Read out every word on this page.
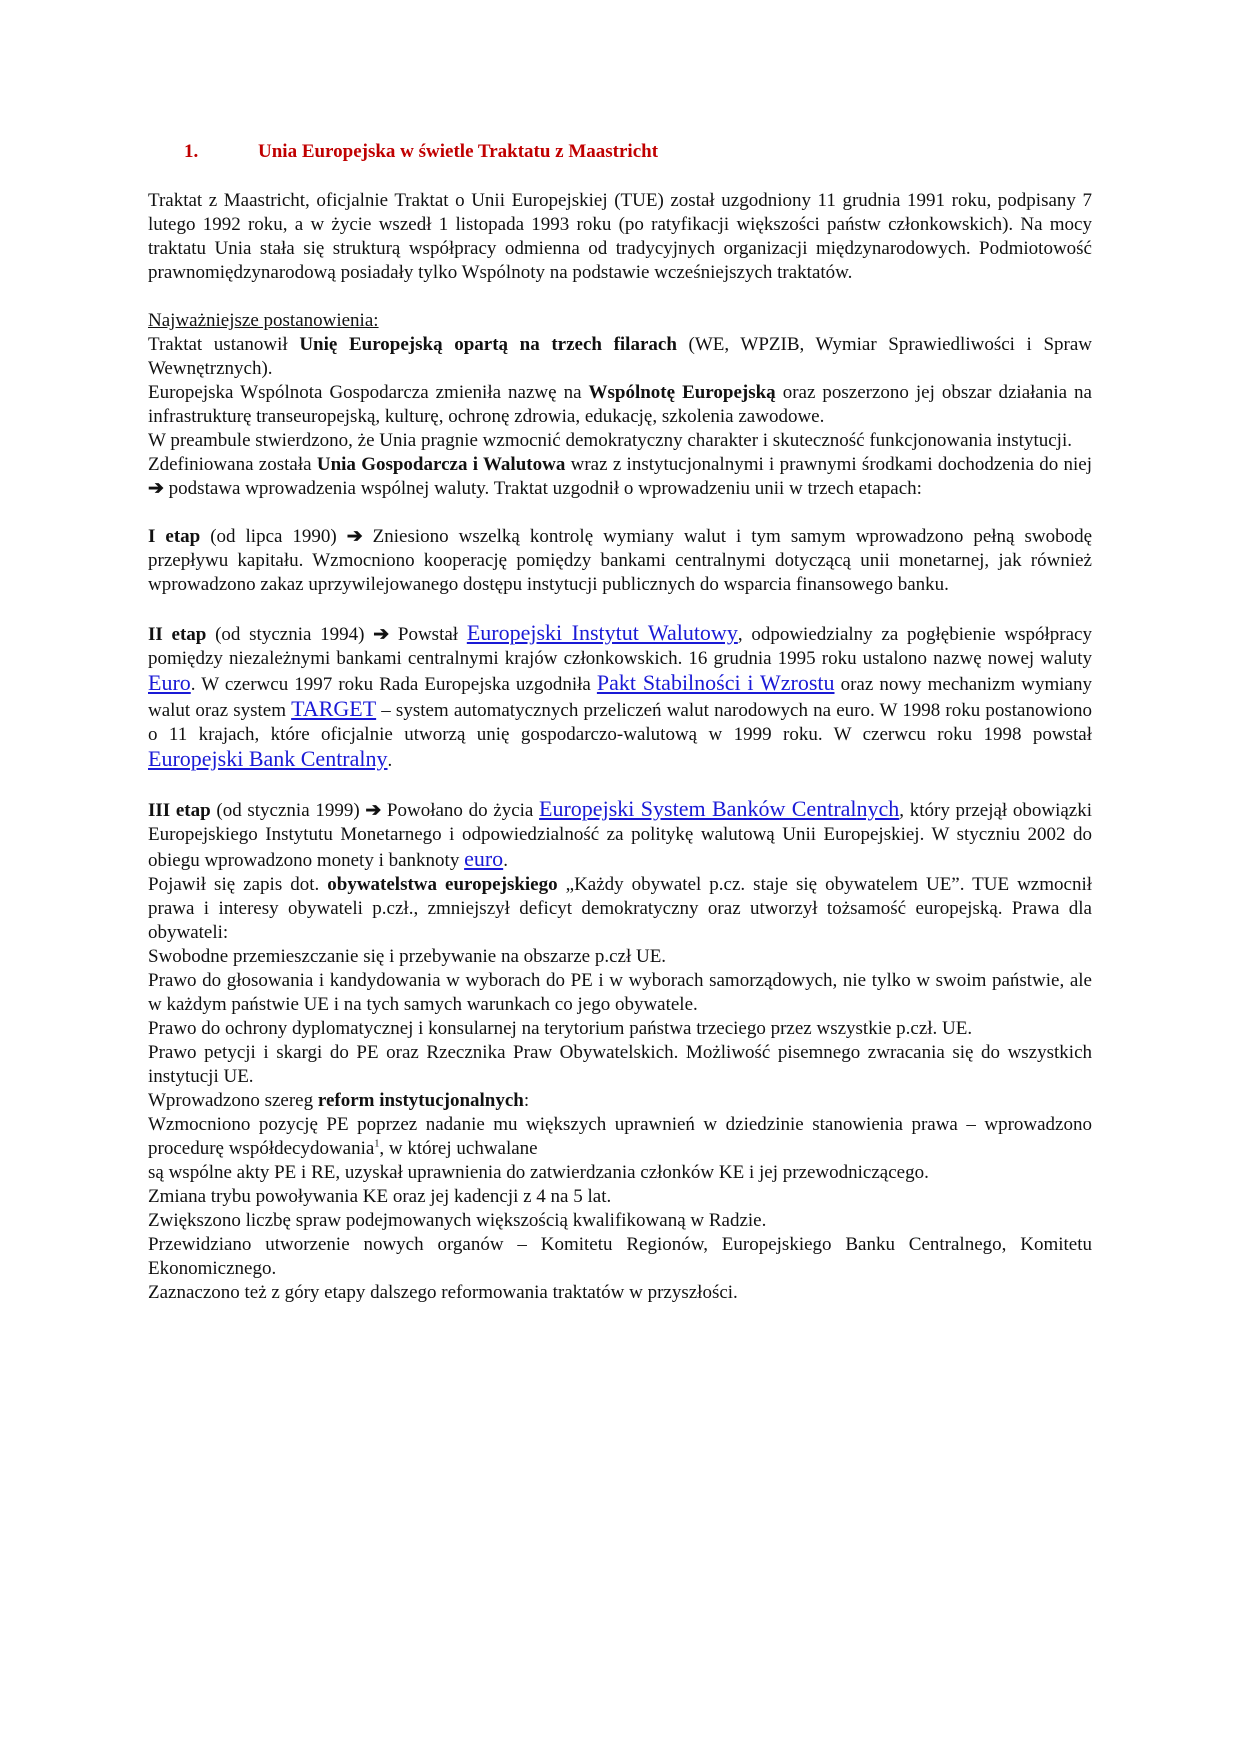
1.	Unia Europejska w świetle Traktatu z Maastricht

Traktat z Maastricht, oficjalnie Traktat o Unii Europejskiej (TUE) został uzgodniony 11 grudnia 1991 roku, podpisany 7 lutego 1992 roku, a w życie wszedł 1 listopada 1993 roku (po ratyfikacji większości państw członkowskich). Na mocy traktatu Unia stała się strukturą współpracy odmienna od tradycyjnych organizacji międzynarodowych. Podmiotowość prawnomiędzynarodową posiadały tylko Wspólnoty na podstawie wcześniejszych traktatów.

Najważniejsze postanowienia:

Traktat ustanowił Unię Europejską opartą na trzech filarach (WE, WPZIB, Wymiar Sprawiedliwości i Spraw Wewnętrznych).

Europejska Wspólnota Gospodarcza zmieniła nazwę na Wspólnotę Europejską oraz poszerzono jej obszar działania na infrastrukturę transeuropejską, kulturę, ochronę zdrowia, edukację, szkolenia zawodowe.

W preambule stwierdzono, że Unia pragnie wzmocnić demokratyczny charakter i skuteczność funkcjonowania instytucji.

Zdefiniowana została Unia Gospodarcza i Walutowa wraz z instytucjonalnymi i prawnymi środkami dochodzenia do niej ➔ podstawa wprowadzenia wspólnej waluty. Traktat uzgodnił o wprowadzeniu unii w trzech etapach:

I etap (od lipca 1990) ➔ Zniesiono wszelką kontrolę wymiany walut i tym samym wprowadzono pełną swobodę przepływu kapitału. Wzmocniono kooperację pomiędzy bankami centralnymi dotyczącą unii monetarnej, jak również wprowadzono zakaz uprzywilejowanego dostępu instytucji publicznych do wsparcia finansowego banku.

II etap (od stycznia 1994) ➔ Powstał Europejski Instytut Walutowy, odpowiedzialny za pogłębienie współpracy pomiędzy niezależnymi bankami centralnymi krajów członkowskich. 16 grudnia 1995 roku ustalono nazwę nowej waluty Euro. W czerwcu 1997 roku Rada Europejska uzgodniła Pakt Stabilności i Wzrostu oraz nowy mechanizm wymiany walut oraz system TARGET – system automatycznych przeliczeń walut narodowych na euro. W 1998 roku postanowiono o 11 krajach, które oficjalnie utworzą unię gospodarczo-walutową w 1999 roku. W czerwcu roku 1998 powstał Europejski Bank Centralny.

III etap (od stycznia 1999) ➔ Powołano do życia Europejski System Banków Centralnych, który przejął obowiązki Europejskiego Instytutu Monetarnego i odpowiedzialność za politykę walutową Unii Europejskiej. W styczniu 2002 do obiegu wprowadzono monety i banknoty euro.

Pojawił się zapis dot. obywatelstwa europejskiego „Każdy obywatel p.cz. staje się obywatelem UE”. TUE wzmocnił prawa i interesy obywateli p.czł., zmniejszył deficyt demokratyczny oraz utworzył tożsamość europejską. Prawa dla obywateli:

Swobodne przemieszczanie się i przebywanie na obszarze p.czł UE.

Prawo do głosowania i kandydowania w wyborach do PE i w wyborach samorządowych, nie tylko w swoim państwie, ale w każdym państwie UE i na tych samych warunkach co jego obywatele.

Prawo do ochrony dyplomatycznej i konsularnej na terytorium państwa trzeciego przez wszystkie p.czł. UE.

Prawo petycji i skargi do PE oraz Rzecznika Praw Obywatelskich. Możliwość pisemnego zwracania się do wszystkich instytucji UE.

Wprowadzono szereg reform instytucjonalnych:

Wzmocniono pozycję PE poprzez nadanie mu większych uprawnień w dziedzinie stanowienia prawa – wprowadzono procedurę współdecydowania$^1$, w której uchwalane

są wspólne akty PE i RE, uzyskał uprawnienia do zatwierdzania członków KE i jej przewodniczącego.

Zmiana trybu powoływania KE oraz jej kadencji z 4 na 5 lat.

Zwiększono liczbę spraw podejmowanych większością kwalifikowaną w Radzie.

Przewidziano utworzenie nowych organów – Komitetu Regionów, Europejskiego Banku Centralnego, Komitetu Ekonomicznego.

Zaznaczono też z góry etapy dalszego reformowania traktatów w przyszłości.
